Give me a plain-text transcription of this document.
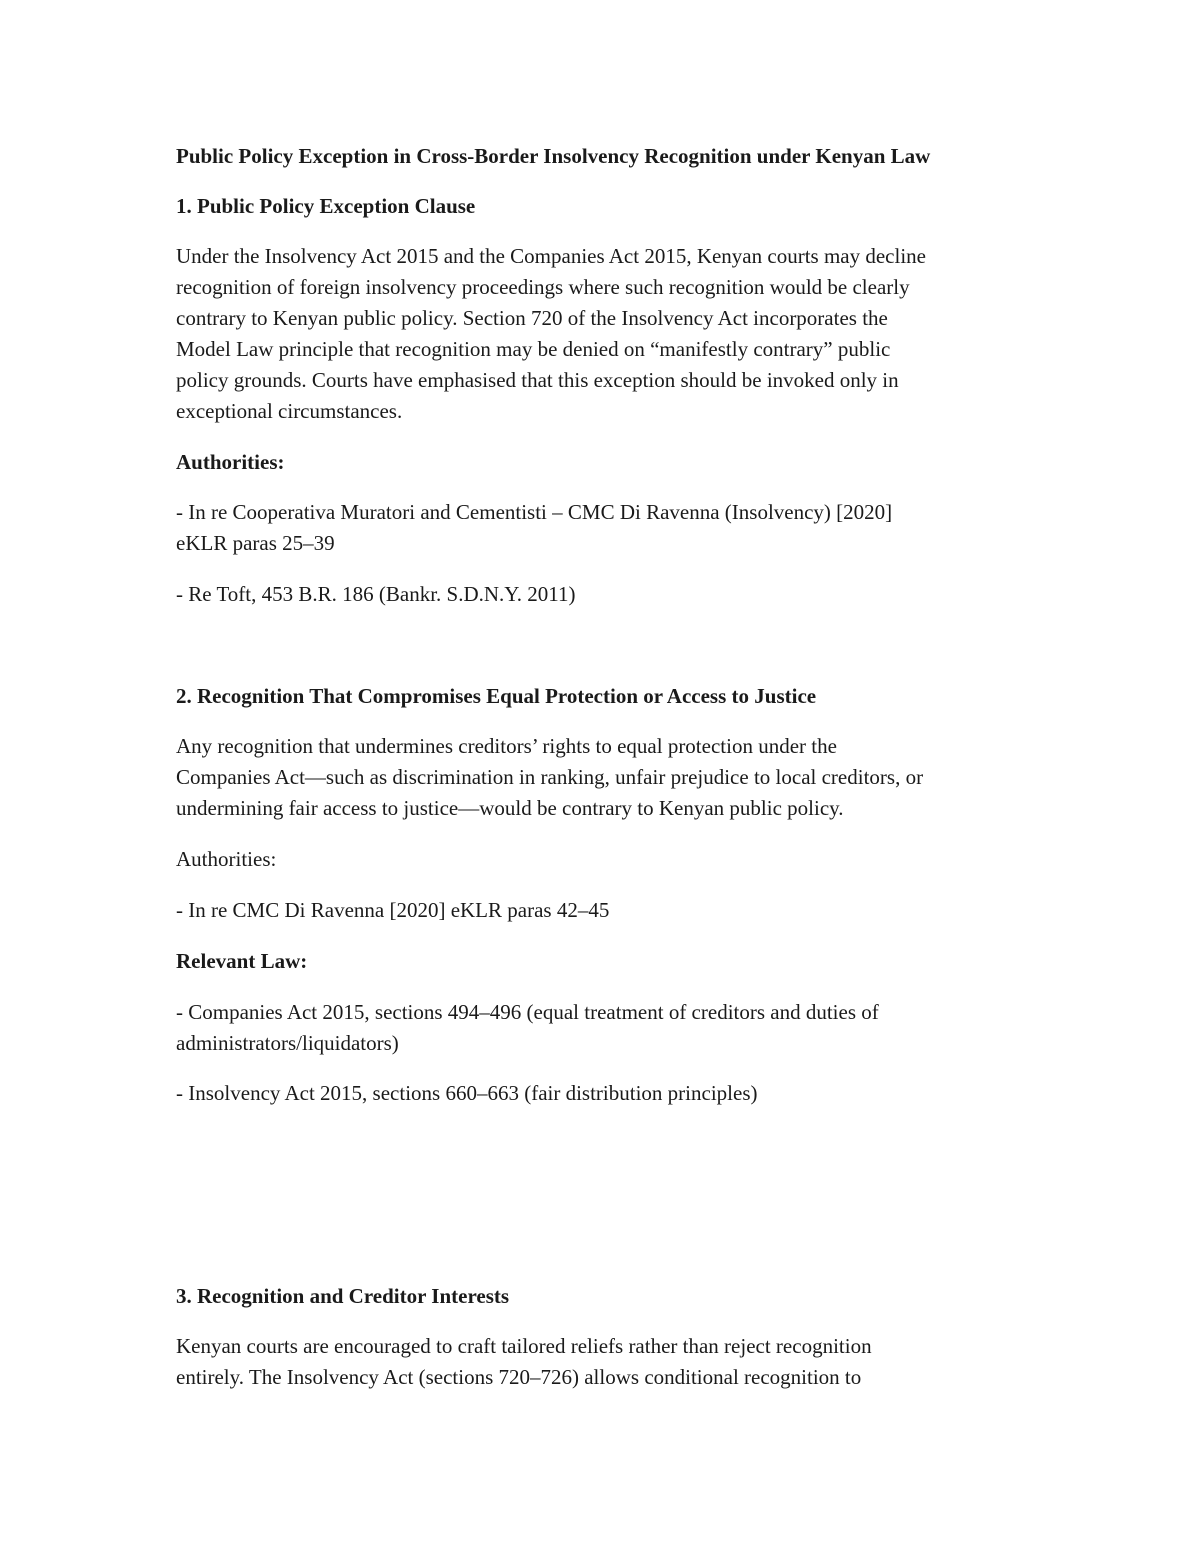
Public Policy Exception in Cross-Border Insolvency Recognition under Kenyan Law

1. Public Policy Exception Clause

Under the Insolvency Act 2015 and the Companies Act 2015, Kenyan courts may decline

recognition of foreign insolvency proceedings where such recognition would be clearly

contrary to Kenyan public policy. Section 720 of the Insolvency Act incorporates the

Model Law principle that recognition may be denied on “manifestly contrary” public

policy grounds. Courts have emphasised that this exception should be invoked only in

exceptional circumstances.

Authorities:

- In re Cooperativa Muratori and Cementisti – CMC Di Ravenna (Insolvency) [2020]

eKLR paras 25–39

- Re Toft, 453 B.R. 186 (Bankr. S.D.N.Y. 2011)

2. Recognition That Compromises Equal Protection or Access to Justice

Any recognition that undermines creditors’ rights to equal protection under the

Companies Act—such as discrimination in ranking, unfair prejudice to local creditors, or

undermining fair access to justice—would be contrary to Kenyan public policy.

Authorities:

- In re CMC Di Ravenna [2020] eKLR paras 42–45

Relevant Law:

- Companies Act 2015, sections 494–496 (equal treatment of creditors and duties of

administrators/liquidators)

- Insolvency Act 2015, sections 660–663 (fair distribution principles)

3. Recognition and Creditor Interests

Kenyan courts are encouraged to craft tailored reliefs rather than reject recognition

entirely. The Insolvency Act (sections 720–726) allows conditional recognition to
